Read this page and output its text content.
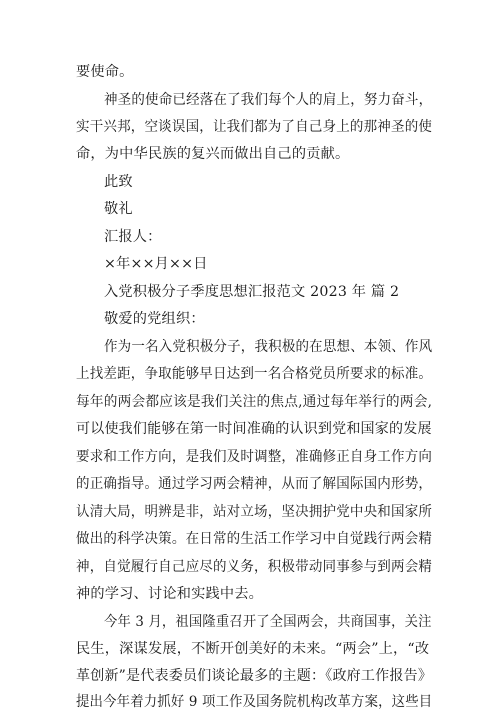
要使命。
神圣的使命已经落在了我们每个人的肩上，努力奋斗，
实干兴邦，空谈误国，让我们都为了自己身上的那神圣的使
命，为中华民族的复兴而做出自己的贡献。
此致
敬礼
汇报人：
×年××月××日
入党积极分子季度思想汇报范文 2023 年 篇 2
敬爱的党组织：
作为一名入党积极分子，我积极的在思想、本领、作风
上找差距，争取能够早日达到一名合格党员所要求的标准。
每年的两会都应该是我们关注的焦点,通过每年举行的两会,
可以使我们能够在第一时间准确的认识到党和国家的发展
要求和工作方向，是我们及时调整，准确修正自身工作方向
的正确指导。通过学习两会精神，从而了解国际国内形势，
认清大局，明辨是非，站对立场，坚决拥护党中央和国家所
做出的科学决策。在日常的生活工作学习中自觉践行两会精
神，自觉履行自己应尽的义务，积极带动同事参与到两会精
神的学习、讨论和实践中去。
今年 3 月，祖国隆重召开了全国两会，共商国事，关注
民生，深谋发展，不断开创美好的未来。“两会”上，“改
革创新”是代表委员们谈论最多的主题：《政府工作报告》
提出今年着力抓好 9 项工作及国务院机构改革方案，这些目
